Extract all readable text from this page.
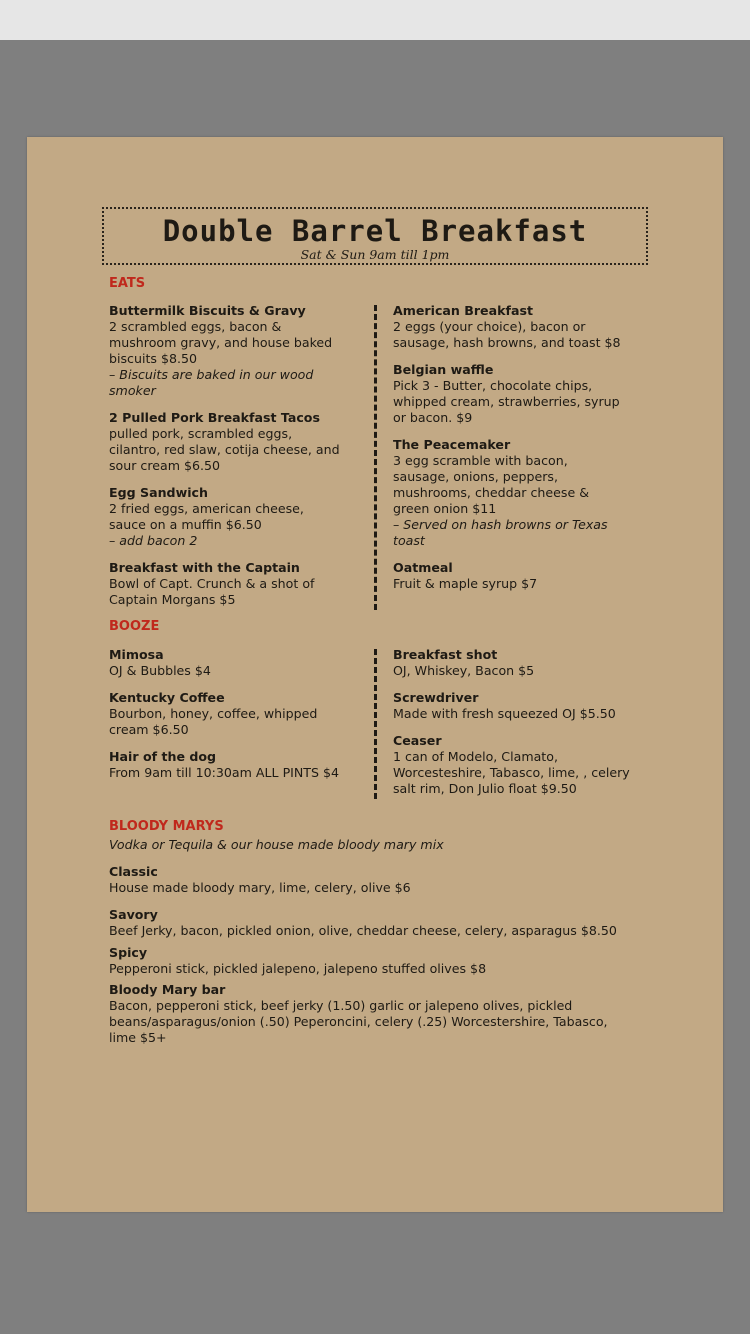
Double Barrel Breakfast
Sat & Sun 9am till 1pm
EATS
Buttermilk Biscuits & Gravy
2 scrambled eggs, bacon & mushroom gravy, and house baked biscuits $8.50
– Biscuits are baked in our wood smoker
2 Pulled Pork Breakfast Tacos
pulled pork, scrambled eggs, cilantro, red slaw, cotija cheese, and sour cream $6.50
Egg Sandwich
2 fried eggs, american cheese, sauce on a muffin $6.50
– add bacon 2
Breakfast with the Captain
Bowl of Capt. Crunch & a shot of Captain Morgans $5
American Breakfast
2 eggs (your choice), bacon or sausage, hash browns, and toast $8
Belgian waffle
Pick 3 - Butter, chocolate chips, whipped cream, strawberries, syrup or bacon. $9
The Peacemaker
3 egg scramble with bacon, sausage, onions, peppers, mushrooms, cheddar cheese & green onion $11
– Served on hash browns or Texas toast
Oatmeal
Fruit & maple syrup $7
BOOZE
Mimosa
OJ & Bubbles $4
Kentucky Coffee
Bourbon, honey, coffee, whipped cream $6.50
Hair of the dog
From 9am till 10:30am ALL PINTS $4
Breakfast shot
OJ, Whiskey, Bacon $5
Screwdriver
Made with fresh squeezed OJ $5.50
Ceaser
1 can of Modelo, Clamato, Worcesteshire, Tabasco, lime, , celery salt rim, Don Julio float $9.50
BLOODY MARYS
Vodka or Tequila & our house made bloody mary mix
Classic
House made bloody mary, lime, celery, olive $6
Savory
Beef Jerky, bacon, pickled onion, olive, cheddar cheese, celery, asparagus $8.50
Spicy
Pepperoni stick, pickled jalepeno, jalepeno stuffed olives $8
Bloody Mary bar
Bacon, pepperoni stick, beef jerky (1.50) garlic or jalepeno olives, pickled beans/asparagus/onion (.50) Peperoncini, celery (.25) Worcestershire, Tabasco, lime $5+
